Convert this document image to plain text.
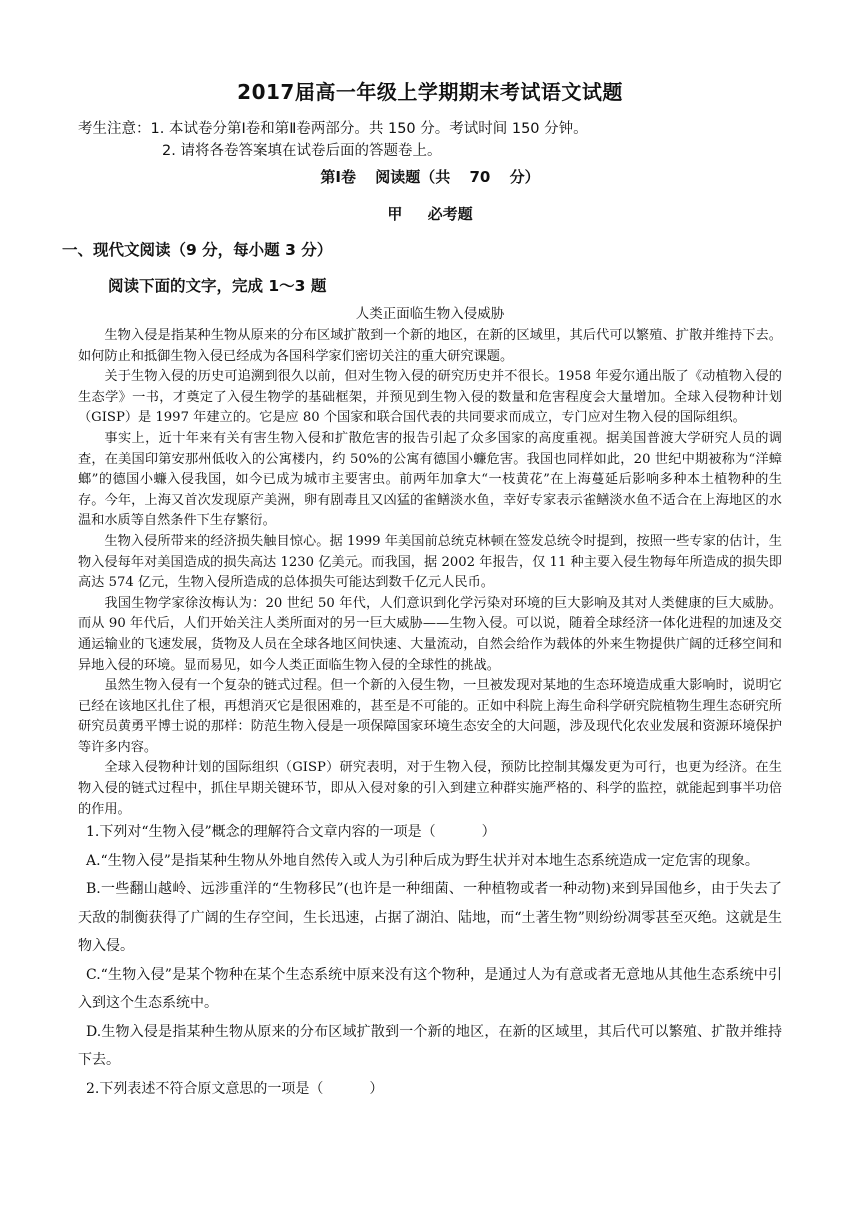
2017届高一年级上学期期末考试语文试题
考生注意：1. 本试卷分第Ⅰ卷和第Ⅱ卷两部分。共 150 分。考试时间 150 分钟。
2. 请将各卷答案填在试卷后面的答题卷上。
第Ⅰ卷 阅读题（共 70 分）
甲 必考题
一、现代文阅读（9 分，每小题 3 分）
阅读下面的文字，完成 1～3 题
人类正面临生物入侵威胁

生物入侵是指某种生物从原来的分布区域扩散到一个新的地区，在新的区域里，其后代可以繁殖、扩散并维持下去。如何防止和抵御生物入侵已经成为各国科学家们密切关注的重大研究课题。

关于生物入侵的历史可追溯到很久以前，但对生物入侵的研究历史并不很长。1958 年爱尔通出版了《动植物入侵的生态学》一书，才奠定了入侵生物学的基础框架，并预见到生物入侵的数量和危害程度会大量增加。全球入侵物种计划（GISP）是 1997 年建立的。它是应 80 个国家和联合国代表的共同要求而成立，专门应对生物入侵的国际组织。

事实上，近十年来有关有害生物入侵和扩散危害的报告引起了众多国家的高度重视。据美国普渡大学研究人员的调查，在美国印第安那州低收入的公寓楼内，约 50%的公寓有德国小蠊危害。我国也同样如此，20 世纪中期被称为“洋蟑螂”的德国小蠊入侵我国，如今已成为城市主要害虫。前两年加拿大“一枝黄花”在上海蔓延后影响多种本土植物种的生存。今年，上海又首次发现原产美洲，卵有剧毒且又凶猛的雀鳝淡水鱼，幸好专家表示雀鳝淡水鱼不适合在上海地区的水温和水质等自然条件下生存繁衍。

生物入侵所带来的经济损失触目惊心。据 1999 年美国前总统克林顿在签发总统令时提到，按照一些专家的估计，生物入侵每年对美国造成的损失高达 1230 亿美元。而我国，据 2002 年报告，仅 11 种主要入侵生物每年所造成的损失即高达 574 亿元，生物入侵所造成的总体损失可能达到数千亿元人民币。

我国生物学家徐汝梅认为：20 世纪 50 年代，人们意识到化学污染对环境的巨大影响及其对人类健康的巨大威胁。而从 90 年代后，人们开始关注人类所面对的另一巨大威胁——生物入侵。可以说，随着全球经济一体化进程的加速及交通运输业的飞速发展，货物及人员在全球各地区间快速、大量流动，自然会给作为载体的外来生物提供广阔的迁移空间和异地入侵的环境。显而易见，如今人类正面临生物入侵的全球性的挑战。

虽然生物入侵有一个复杂的链式过程。但一个新的入侵生物，一旦被发现对某地的生态环境造成重大影响时，说明它已经在该地区扎住了根，再想消灭它是很困难的，甚至是不可能的。正如中科院上海生命科学研究院植物生理生态研究所研究员黄勇平博士说的那样：防范生物入侵是一项保障国家环境生态安全的大问题，涉及现代化农业发展和资源环境保护等许多内容。

全球入侵物种计划的国际组织（GISP）研究表明，对于生物入侵，预防比控制其爆发更为可行，也更为经济。在生物入侵的链式过程中，抓住早期关键环节，即从入侵对象的引入到建立种群实施严格的、科学的监控，就能起到事半功倍的作用。

1.下列对“生物入侵”概念的理解符合文章内容的一项是（	）

A.“生物入侵”是指某种生物从外地自然传入或人为引种后成为野生状并对本地生态系统造成一定危害的现象。

B.一些翻山越岭、远涉重洋的“生物移民”(也许是一种细菌、一种植物或者一种动物)来到异国他乡，由于失去了天敌的制衡获得了广阔的生存空间，生长迅速，占据了湖泊、陆地，而“土著生物”则纷纷凋零甚至灭绝。这就是生物入侵。

C.“生物入侵”是某个物种在某个生态系统中原来没有这个物种，是通过人为有意或者无意地从其他生态系统中引入到这个生态系统中。

D.生物入侵是指某种生物从原来的分布区域扩散到一个新的地区，在新的区域里，其后代可以繁殖、扩散并维持下去。

2.下列表述不符合原文意思的一项是（	）
